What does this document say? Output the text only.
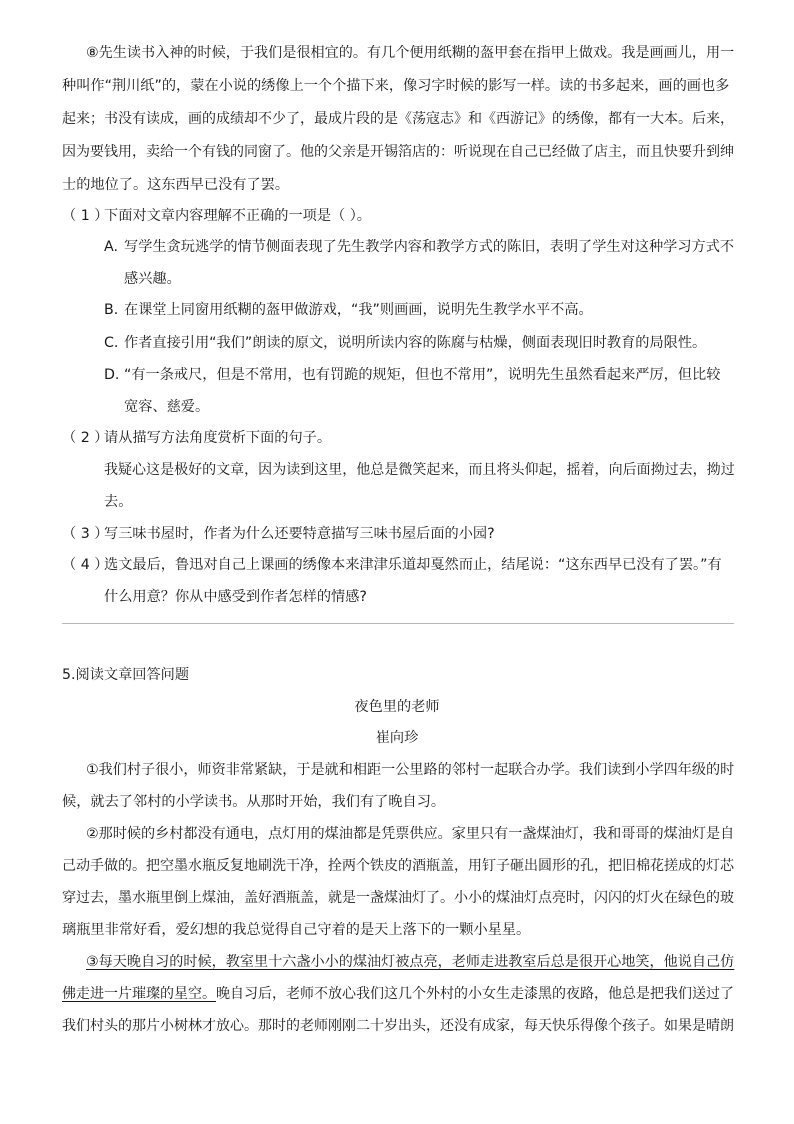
⑧先生读书入神的时候，于我们是很相宜的。有几个便用纸糊的盔甲套在指甲上做戏。我是画画儿，用一

种叫作“荆川纸”的，蒙在小说的绣像上一个个描下来，像习字时候的影写一样。读的书多起来，画的画也多

起来；书没有读成，画的成绩却不少了，最成片段的是《荡寇志》和《西游记》的绣像，都有一大本。后来，

因为要钱用，卖给一个有钱的同窗了。他的父亲是开锡箔店的：听说现在自己已经做了店主，而且快要升到绅

士的地位了。这东西早已没有了罢。

（ 1 ）

下面对文章内容理解不正确的一项是（ ）。

A. 写学生贪玩逃学的情节侧面表现了先生教学内容和教学方式的陈旧，表明了学生对这种学习方式不

感兴趣。

B. 在课堂上同窗用纸糊的盔甲做游戏，“我”则画画，说明先生教学水平不高。

C. 作者直接引用“我们”朗读的原文，说明所读内容的陈腐与枯燥，侧面表现旧时教育的局限性。

D. “有一条戒尺，但是不常用，也有罚跪的规矩，但也不常用”，说明先生虽然看起来严厉，但比较

宽容、慈爱。

（ 2 ）

请从描写方法角度赏析下面的句子。

我疑心这是极好的文章，因为读到这里，他总是微笑起来，而且将头仰起，摇着，向后面拗过去，拗过

去。

（ 3 ）

写三味书屋时，作者为什么还要特意描写三味书屋后面的小园?

（ 4 ）

选文最后，鲁迅对自己上课画的绣像本来津津乐道却戛然而止，结尾说：“这东西早已没有了罢。”有

什么用意？你从中感受到作者怎样的情感?

5.阅读文章回答问题

夜色里的老师

崔向珍

①我们村子很小，师资非常紧缺，于是就和相距一公里路的邻村一起联合办学。我们读到小学四年级的时

候，就去了邻村的小学读书。从那时开始，我们有了晚自习。

②那时候的乡村都没有通电，点灯用的煤油都是凭票供应。家里只有一盏煤油灯，我和哥哥的煤油灯是自

己动手做的。把空墨水瓶反复地刷洗干净，拴两个铁皮的酒瓶盖，用钉子砸出圆形的孔，把旧棉花搓成的灯芯

穿过去，墨水瓶里倒上煤油，盖好酒瓶盖，就是一盏煤油灯了。小小的煤油灯点亮时，闪闪的灯火在绿色的玻

璃瓶里非常好看，爱幻想的我总觉得自己守着的是天上落下的一颗小星星。

③每天晚自习的时候，教室里十六盏小小的煤油灯被点亮，老师走进教室后总是很开心地笑，他说自己仿

佛走进一片璀璨的星空。晚自习后，老师不放心我们这几个外村的小女生走漆黑的夜路，他总是把我们送过了

我们村头的那片小树林才放心。那时的老师刚刚二十岁出头，还没有成家，每天快乐得像个孩子。如果是晴朗
